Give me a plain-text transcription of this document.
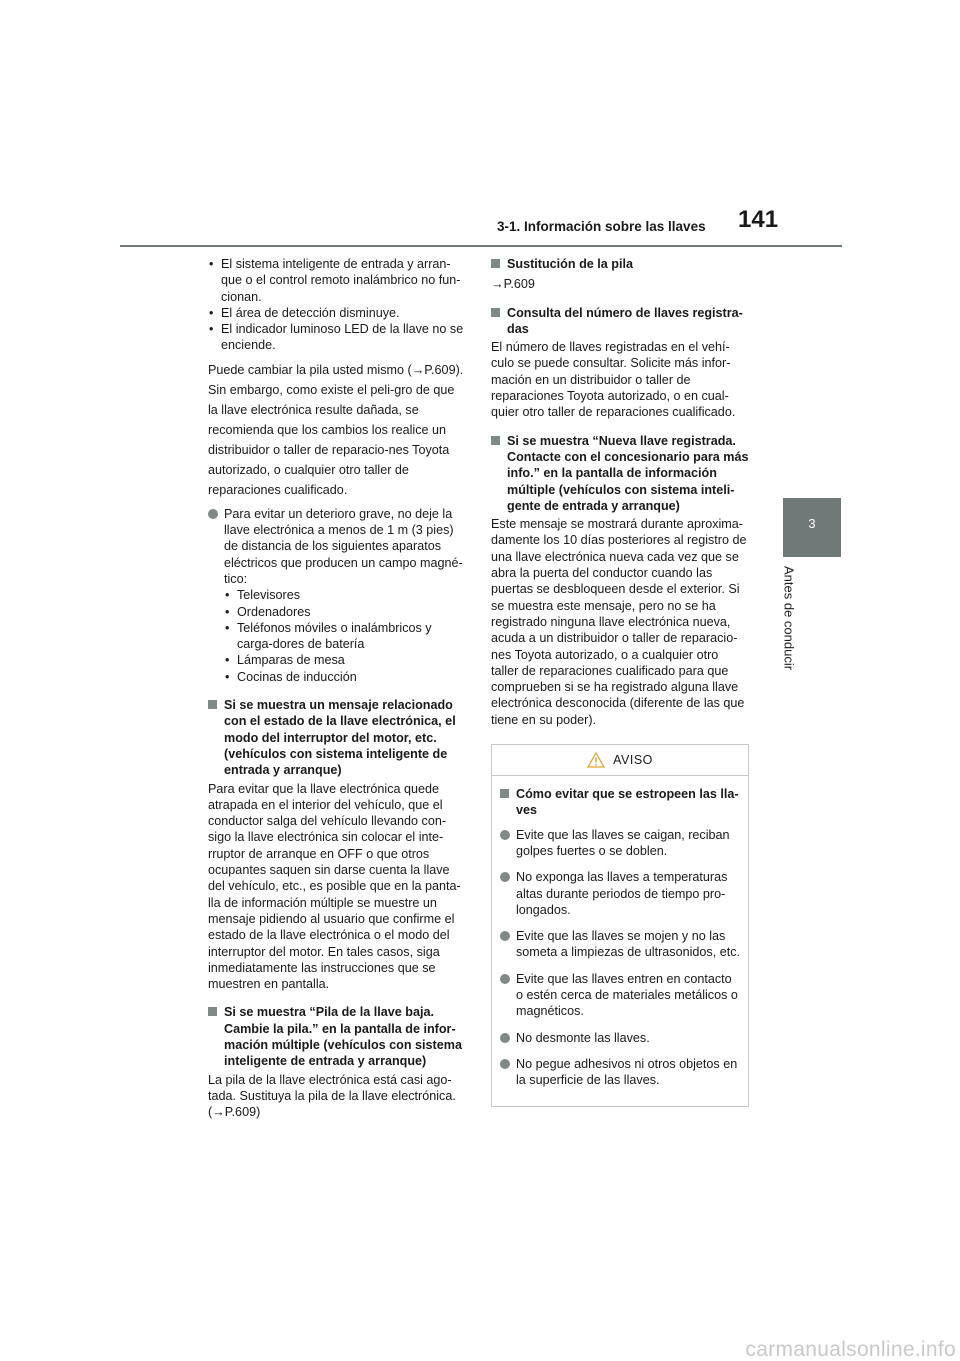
3-1. Información sobre las llaves 141
3
Antes de conducir
• El sistema inteligente de entrada y arran-que o el control remoto inalámbrico no fun-cionan.
• El área de detección disminuye.
• El indicador luminoso LED de la llave no se enciende.

Puede cambiar la pila usted mismo (→P.609). Sin embargo, como existe el peli-gro de que la llave electrónica resulte dañada, se recomienda que los cambios los realice un distribuidor o taller de reparacio-nes Toyota autorizado, o cualquier otro taller de reparaciones cualificado.

Para evitar un deterioro grave, no deje la llave electrónica a menos de 1 m (3 pies) de distancia de los siguientes aparatos eléctricos que producen un campo magné-tico:
• Televisores
• Ordenadores
• Teléfonos móviles o inalámbricos y carga-dores de batería
• Lámparas de mesa
• Cocinas de inducción
Si se muestra un mensaje relacionado con el estado de la llave electrónica, el modo del interruptor del motor, etc. (vehículos con sistema inteligente de entrada y arranque)

Para evitar que la llave electrónica quede atrapada en el interior del vehículo, que el conductor salga del vehículo llevando con-sigo la llave electrónica sin colocar el inte-rruptor de arranque en OFF o que otros ocupantes saquen sin darse cuenta la llave del vehículo, etc., es posible que en la panta-lla de información múltiple se muestre un mensaje pidiendo al usuario que confirme el estado de la llave electrónica o el modo del interruptor del motor. En tales casos, siga inmediatamente las instrucciones que se muestren en pantalla.

Si se muestra “Pila de la llave baja. Cambie la pila.” en la pantalla de infor-mación múltiple (vehículos con sistema inteligente de entrada y arranque)

La pila de la llave electrónica está casi ago-tada. Sustituya la pila de la llave electrónica. (→P.609)

Sustitución de la pila

→P.609

Consulta del número de llaves registra-das

El número de llaves registradas en el vehí-culo se puede consultar. Solicite más infor-mación en un distribuidor o taller de reparaciones Toyota autorizado, o en cual-quier otro taller de reparaciones cualificado.

Si se muestra “Nueva llave registrada. Contacte con el concesionario para más info.” en la pantalla de información múltiple (vehículos con sistema inteli-gente de entrada y arranque)

Este mensaje se mostrará durante aproxima-damente los 10 días posteriores al registro de una llave electrónica nueva cada vez que se abra la puerta del conductor cuando las puertas se desbloqueen desde el exterior. Si se muestra este mensaje, pero no se ha registrado ninguna llave electrónica nueva, acuda a un distribuidor o taller de reparacio-nes Toyota autorizado, o a cualquier otro taller de reparaciones cualificado para que comprueben si se ha registrado alguna llave electrónica desconocida (diferente de las que tiene en su poder).

AVISO
Cómo evitar que se estropeen las lla-ves
Evite que las llaves se caigan, reciban golpes fuertes o se doblen.
No exponga las llaves a temperaturas altas durante periodos de tiempo pro-longados.
Evite que las llaves se mojen y no las someta a limpiezas de ultrasonidos, etc.
Evite que las llaves entren en contacto o estén cerca de materiales metálicos o magnéticos.
No desmonte las llaves.
No pegue adhesivos ni otros objetos en la superficie de las llaves.
carmanualsonline.info
